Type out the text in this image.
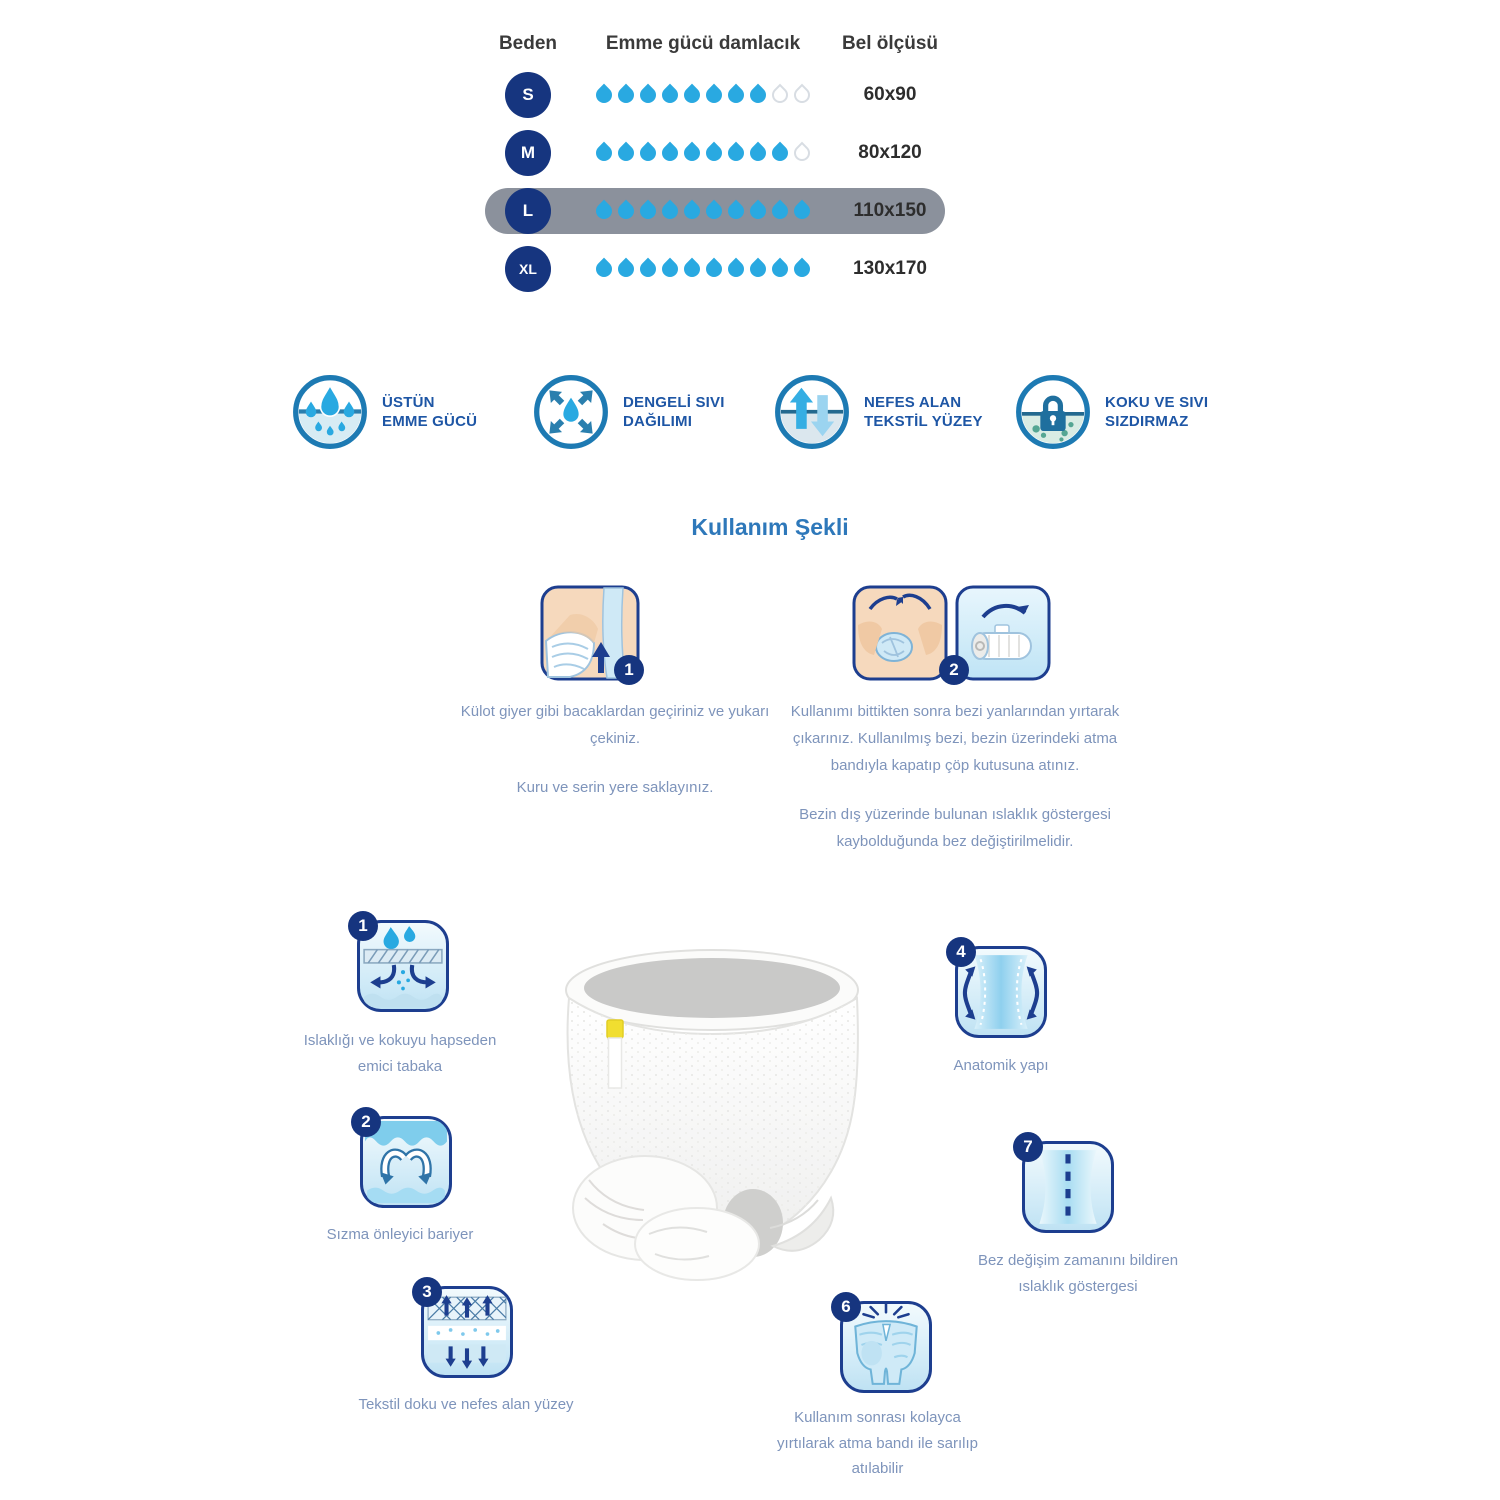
Beden	Emme gücü damlacık	Bel ölçüsü
S	60x90
M	80x120
L	110x150
XL	130x170
ÜSTÜN
EMME GÜCÜ
DENGELİ SIVI
DAĞILIMI
NEFES ALAN
TEKSTİL YÜZEY
KOKU VE SIVI
SIZDIRMAZ
Kullanım Şekli
1	2

Külot giyer gibi bacaklardan geçiriniz ve yukarı çekiniz.

Kuru ve serin yere saklayınız.

Kullanımı bittikten sonra bezi yanlarından yırtarak çıkarınız. Kullanılmış bezi, bezin üzerindeki atma bandıyla kapatıp çöp kutusuna atınız.

Bezin dış yüzerinde bulunan ıslaklık göstergesi kaybolduğunda bez değiştirilmelidir.

1
Islaklığı ve kokuyu hapseden emici tabaka
2
Sızma önleyici bariyer
3
Tekstil doku ve nefes alan yüzey
4
Anatomik yapı
7
Bez değişim zamanını bildiren ıslaklık göstergesi
6
Kullanım sonrası kolayca yırtılarak atma bandı ile sarılıp atılabilir
